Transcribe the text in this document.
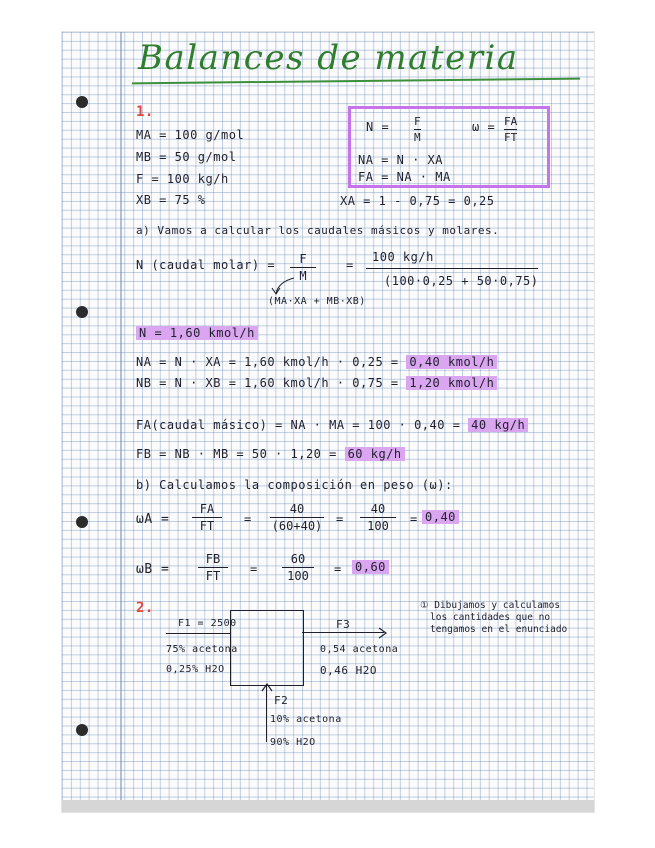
Balances de materia
1.
MA = 100 g/mol
MB = 50 g/mol
F = 100 kg/h
XB = 75 %
N = F
M
ω = FA
FT
NA = N · XA
FA = NA · MA
XA = 1 - 0,75 = 0,25
a) Vamos a calcular los caudales másicos y molares.
N (caudal molar) = F
M
=
100 kg/h
(100·0,25 + 50·0,75)
(MA·XA + MB·XB)
N = 1,60 kmol/h
NA = N · XA = 1,60 kmol/h · 0,25 = 0,40 kmol/h
NB = N · XB = 1,60 kmol/h · 0,75 = 1,20 kmol/h
FA(caudal másico) = NA · MA = 100 · 0,40 = 40 kg/h
FB = NB · MB = 50 · 1,20 = 60 kg/h
b) Calculamos la composición en peso (ω):
ωA =
FA
FT =
40
(60+40) =
40
100 = 0,40
ωB =
FB
FT =
60
100 = 0,60
2.
F1 = 2500
75% acetona
0,25% H2O
F3
0,54 acetona
0,46 H2O
F2
10% acetona
90% H2O
① Dibujamos y calculamos
los cantidades que no
tengamos en el enunciado
